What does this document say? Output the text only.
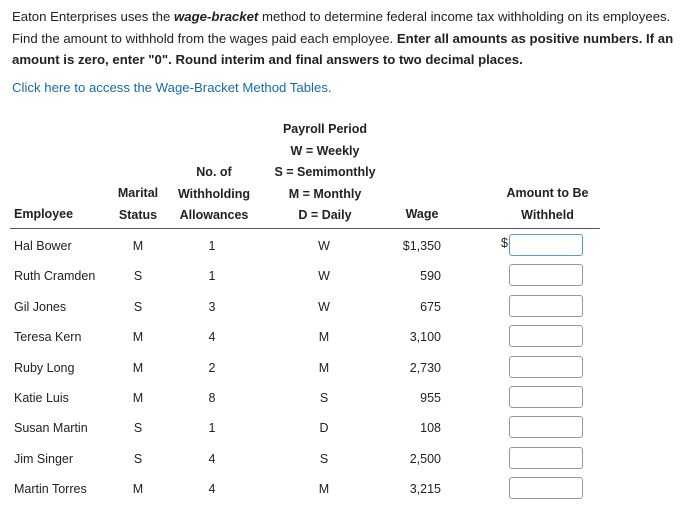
Eaton Enterprises uses the wage-bracket method to determine federal income tax withholding on its employees. Find the amount to withhold from the wages paid each employee. Enter all amounts as positive numbers. If an amount is zero, enter "0". Round interim and final answers to two decimal places.
Click here to access the Wage-Bracket Method Tables.
Payroll Period
W = Weekly
S = Semimonthly
M = Monthly
D = Daily
No. of
Withholding
Allowances
Marital
Status
Employee	Wage
Amount to Be
Withheld
$
Hal Bower	M	1	W	$1,350
Ruth Cramden	S	1	W	590
Gil Jones	S	3	W	675
Teresa Kern	M	4	M	3,100
Ruby Long	M	2	M	2,730
Katie Luis	M	8	S	955
Susan Martin	S	1	D	108
Jim Singer	S	4	S	2,500
Martin Torres	M	4	M	3,215
